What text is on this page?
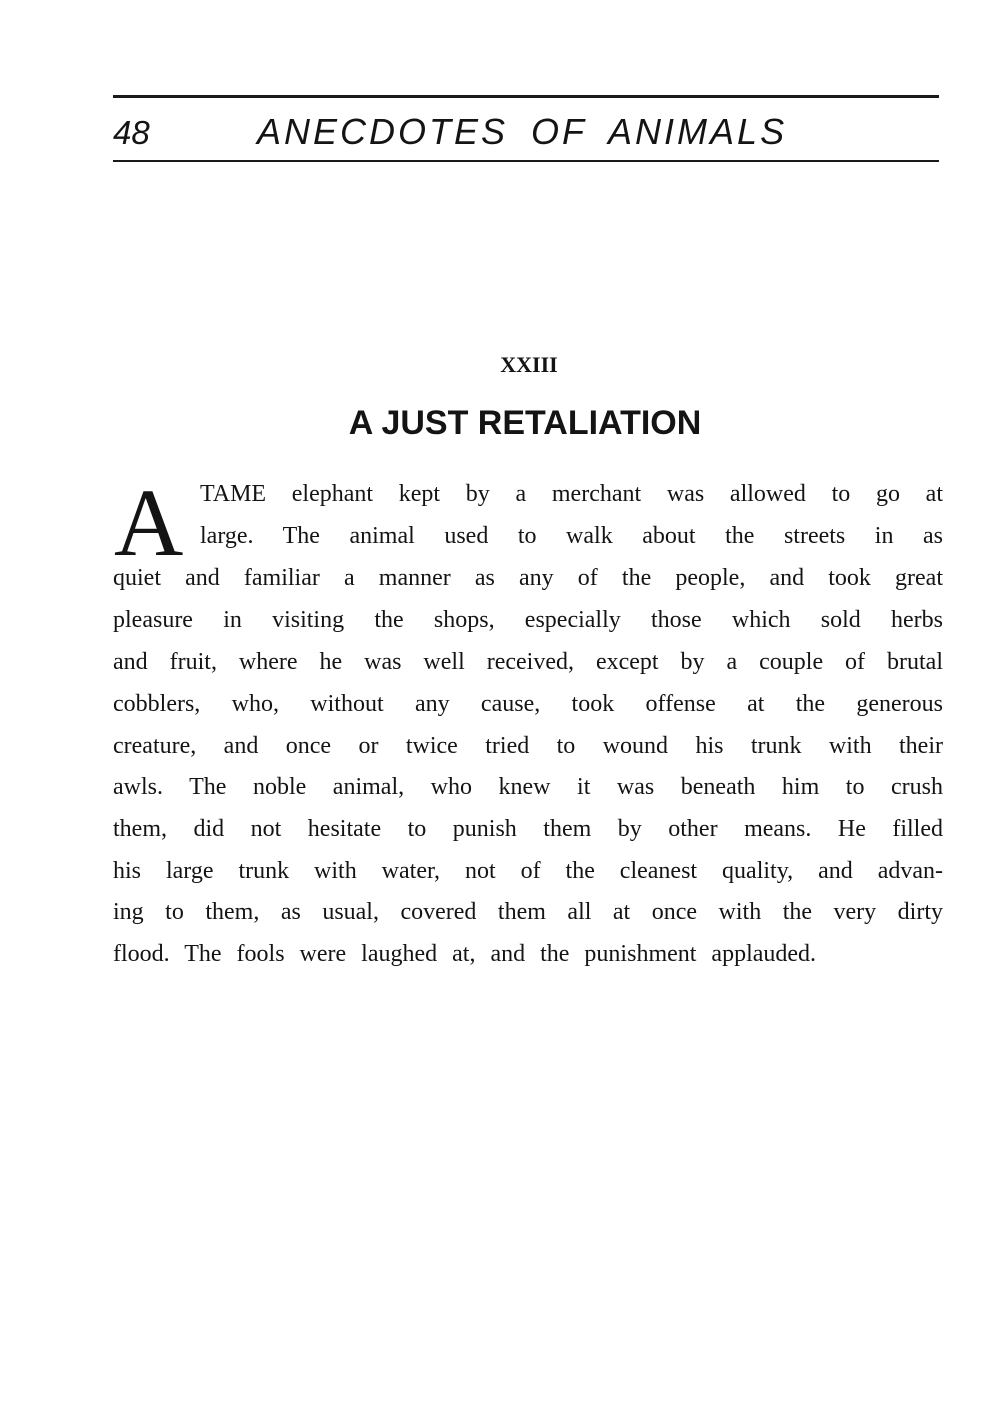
48	ANECDOTES OF ANIMALS

XXIII
A JUST RETALIATION
A TAME elephant kept by a merchant was allowed to go at

large. The animal used to walk about the streets in as

quiet and familiar a manner as any of the people, and took great

pleasure in visiting the shops, especially those which sold herbs

and fruit, where he was well received, except by a couple of brutal

cobblers, who, without any cause, took offense at the generous

creature, and once or twice tried to wound his trunk with their

awls. The noble animal, who knew it was beneath him to crush

them, did not hesitate to punish them by other means. He filled

his large trunk with water, not of the cleanest quality, and advan-

ing to them, as usual, covered them all at once with the very dirty

flood. The fools were laughed at, and the punishment applauded.
